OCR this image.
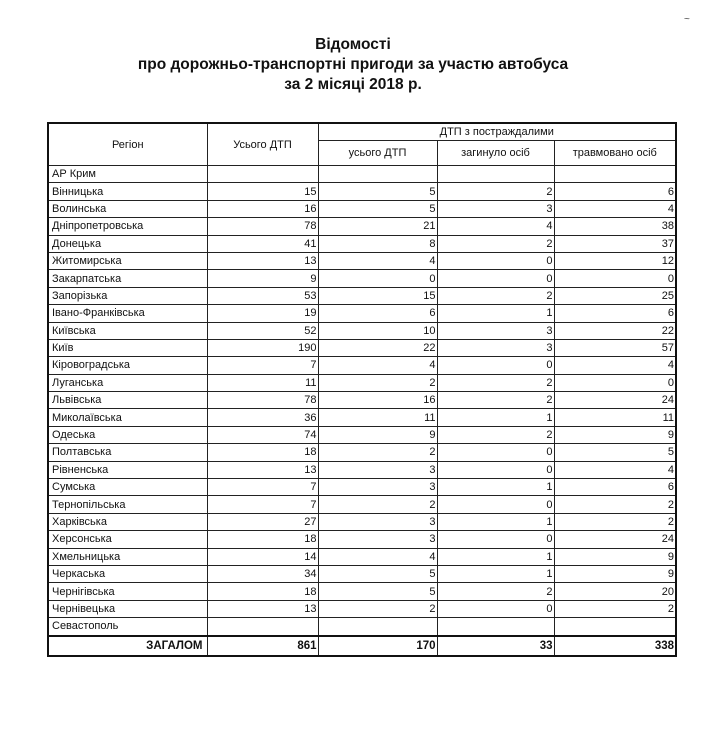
~
Відомості
про дорожньо-транспортні пригоди за участю автобуса
за 2 місяці 2018 р.
Регіон	Усього ДТП	ДТП з постраждалими		
		усього ДТП	загинуло осіб	травмовано осіб
АР Крим				
Вінницька	15	5	2	6
Волинська	16	5	3	4
Дніпропетровська	78	21	4	38
Донецька	41	8	2	37
Житомирська	13	4	0	12
Закарпатська	9	0	0	0
Запорізька	53	15	2	25
Івано-Франківська	19	6	1	6
Київська	52	10	3	22
Київ	190	22	3	57
Кіровоградська	7	4	0	4
Луганська	11	2	2	0
Львівська	78	16	2	24
Миколаївська	36	11	1	11
Одеська	74	9	2	9
Полтавська	18	2	0	5
Рівненська	13	3	0	4
Сумська	7	3	1	6
Тернопільська	7	2	0	2
Харківська	27	3	1	2
Херсонська	18	3	0	24
Хмельницька	14	4	1	9
Черкаська	34	5	1	9
Чернігівська	18	5	2	20
Чернівецька	13	2	0	2
Севастополь				
ЗАГАЛОМ	861	170	33	338
